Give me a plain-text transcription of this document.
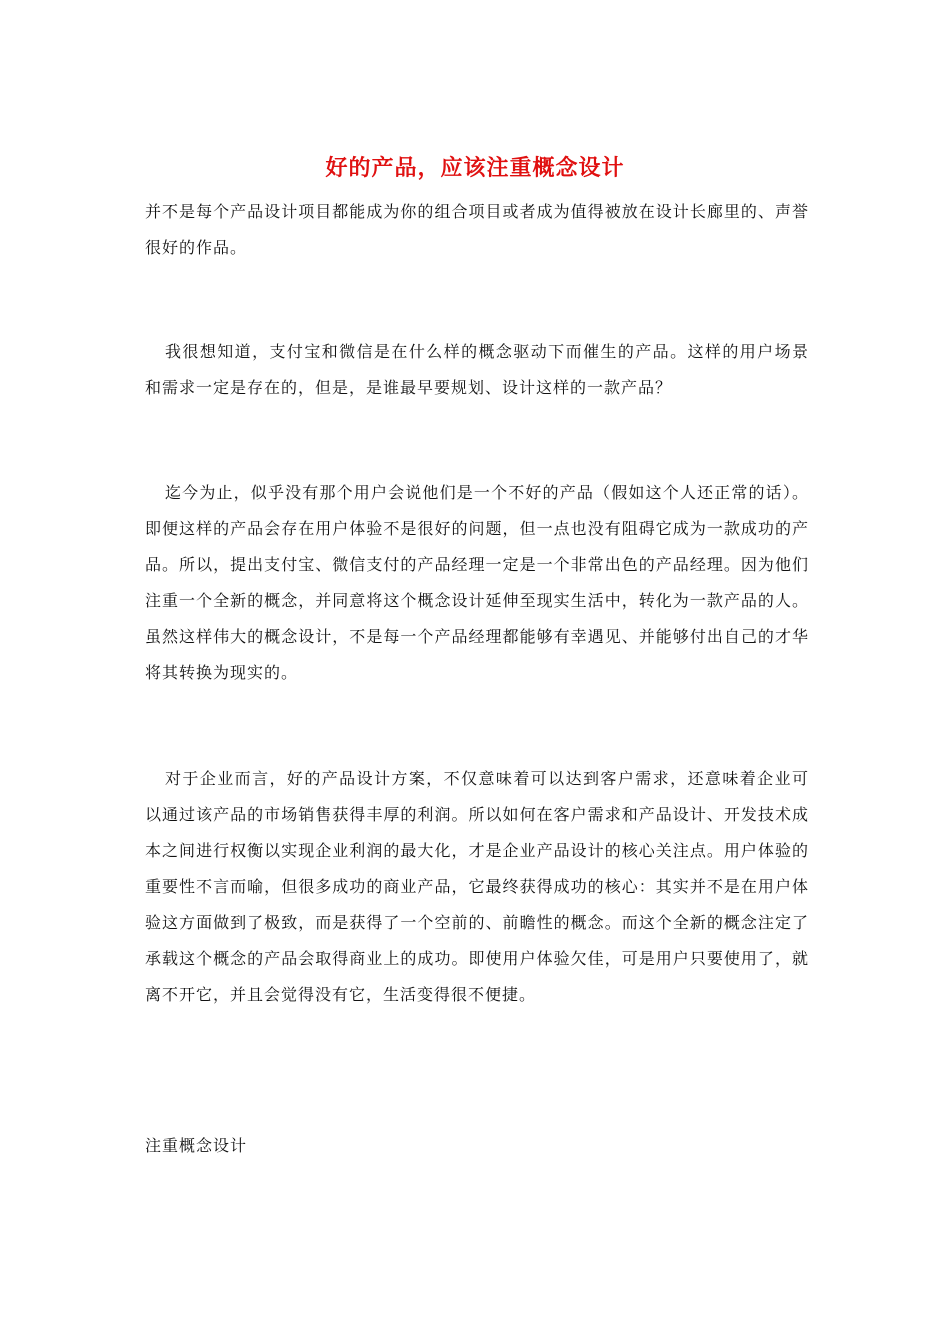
好的产品，应该注重概念设计

并不是每个产品设计项目都能成为你的组合项目或者成为值得被放在设计长廊里的、声誉很好的作品。

我很想知道，支付宝和微信是在什么样的概念驱动下而催生的产品。这样的用户场景和需求一定是存在的，但是，是谁最早要规划、设计这样的一款产品？

迄今为止，似乎没有那个用户会说他们是一个不好的产品（假如这个人还正常的话）。即便这样的产品会存在用户体验不是很好的问题，但一点也没有阻碍它成为一款成功的产品。所以，提出支付宝、微信支付的产品经理一定是一个非常出色的产品经理。因为他们注重一个全新的概念，并同意将这个概念设计延伸至现实生活中，转化为一款产品的人。虽然这样伟大的概念设计，不是每一个产品经理都能够有幸遇见、并能够付出自己的才华将其转换为现实的。

对于企业而言，好的产品设计方案，不仅意味着可以达到客户需求，还意味着企业可以通过该产品的市场销售获得丰厚的利润。所以如何在客户需求和产品设计、开发技术成本之间进行权衡以实现企业利润的最大化，才是企业产品设计的核心关注点。用户体验的重要性不言而喻，但很多成功的商业产品，它最终获得成功的核心：其实并不是在用户体验这方面做到了极致，而是获得了一个空前的、前瞻性的概念。而这个全新的概念注定了承载这个概念的产品会取得商业上的成功。即使用户体验欠佳，可是用户只要使用了，就离不开它，并且会觉得没有它，生活变得很不便捷。

注重概念设计
